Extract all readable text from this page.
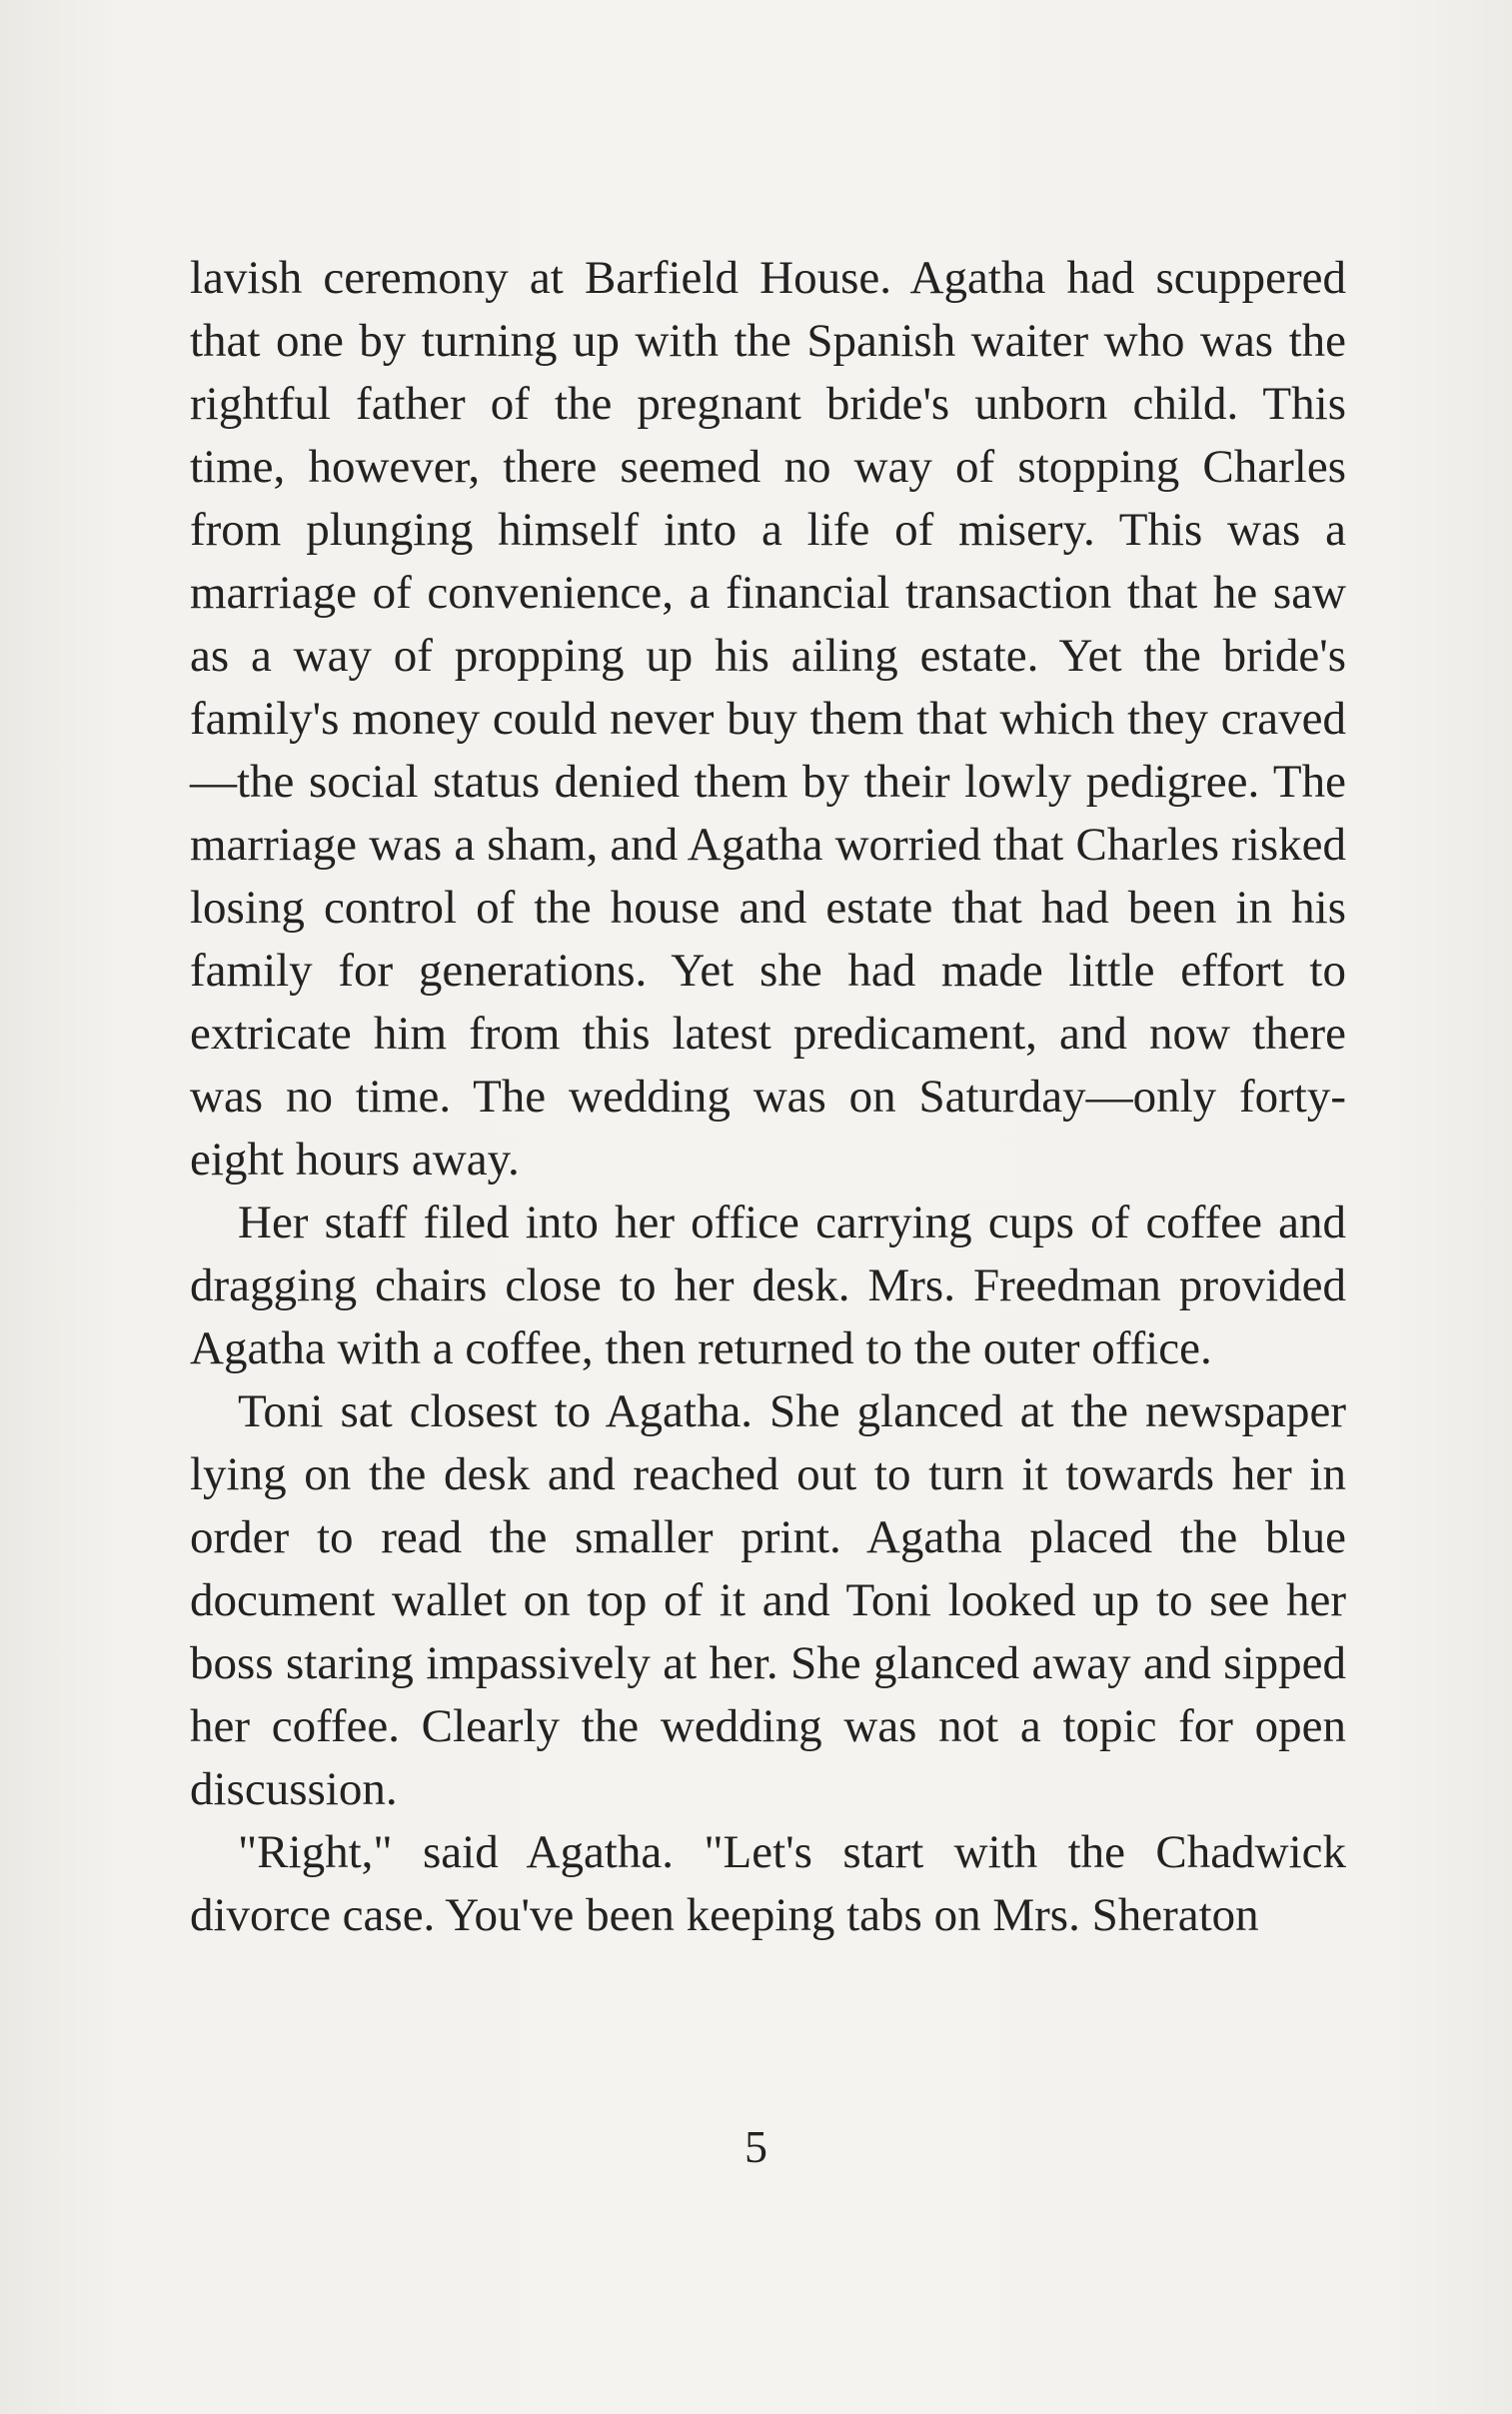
lavish ceremony at Barfield House. Agatha had scuppered that one by turning up with the Spanish waiter who was the rightful father of the pregnant bride's unborn child. This time, however, there seemed no way of stopping Charles from plunging himself into a life of misery. This was a marriage of convenience, a financial transaction that he saw as a way of propping up his ailing estate. Yet the bride's family's money could never buy them that which they craved—the social status denied them by their lowly pedigree. The marriage was a sham, and Agatha worried that Charles risked losing control of the house and estate that had been in his family for generations. Yet she had made little effort to extricate him from this latest predicament, and now there was no time. The wedding was on Saturday—only forty-eight hours away.

Her staff filed into her office carrying cups of coffee and dragging chairs close to her desk. Mrs. Freedman provided Agatha with a coffee, then returned to the outer office.

Toni sat closest to Agatha. She glanced at the newspaper lying on the desk and reached out to turn it towards her in order to read the smaller print. Agatha placed the blue document wallet on top of it and Toni looked up to see her boss staring impassively at her. She glanced away and sipped her coffee. Clearly the wedding was not a topic for open discussion.

"Right," said Agatha. "Let's start with the Chadwick divorce case. You've been keeping tabs on Mrs. Sheraton

5
